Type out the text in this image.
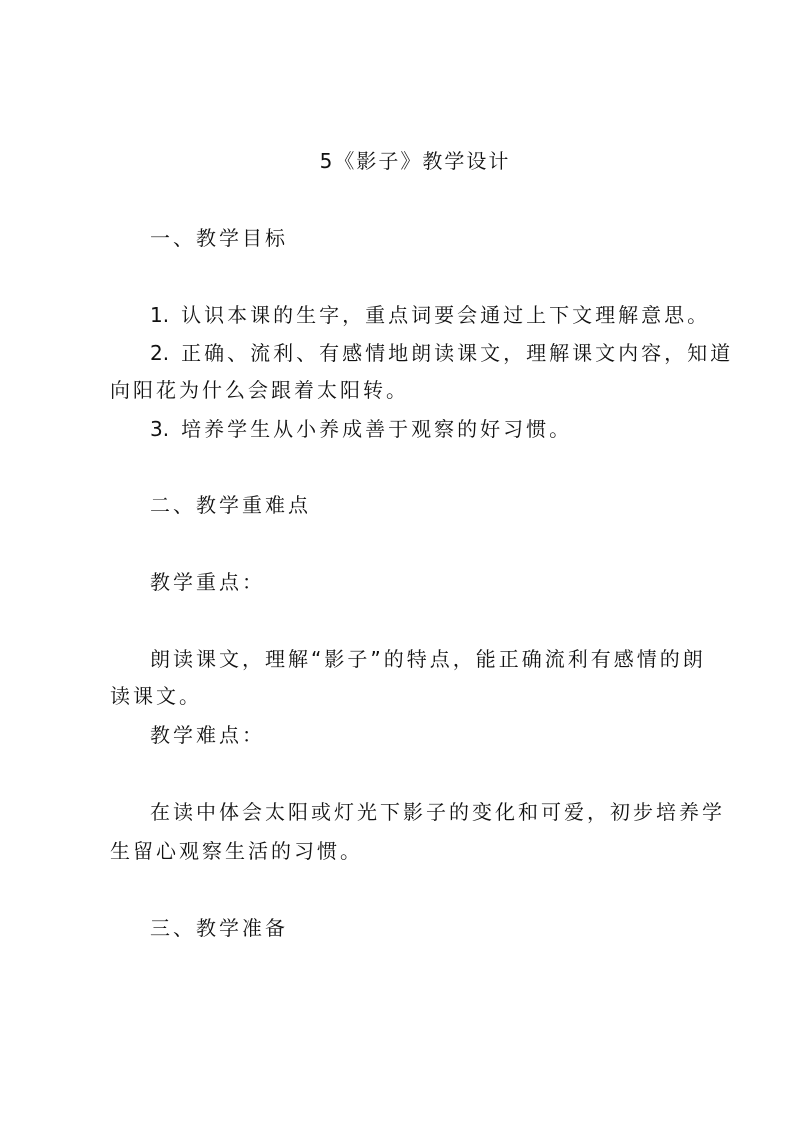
5《影子》教学设计
一、教学目标
1. 认识本课的生字，重点词要会通过上下文理解意思。
2. 正确、流利、有感情地朗读课文，理解课文内容，知道
向阳花为什么会跟着太阳转。
3. 培养学生从小养成善于观察的好习惯。
二、教学重难点
教学重点：
朗读课文，理解“影子”的特点，能正确流利有感情的朗
读课文。
教学难点：
在读中体会太阳或灯光下影子的变化和可爱，初步培养学
生留心观察生活的习惯。
三、教学准备
